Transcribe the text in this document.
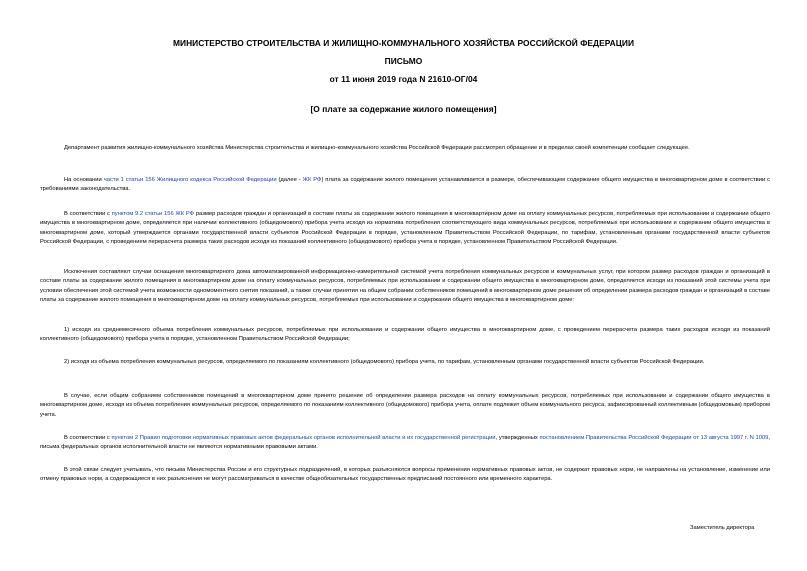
МИНИСТЕРСТВО СТРОИТЕЛЬСТВА И ЖИЛИЩНО-КОММУНАЛЬНОГО ХОЗЯЙСТВА РОССИЙСКОЙ ФЕДЕРАЦИИ
ПИСЬМО
от 11 июня 2019 года N 21610-ОГ/04
[О плате за содержание жилого помещения]

Департамент развития жилищно-коммунального хозяйства Министерства строительства и жилищно-коммунального хозяйства Российской Федерации рассмотрел обращение и в пределах своей компетенции сообщает следующее.

На основании части 1 статьи 156 Жилищного кодекса Российской Федерации (далее - ЖК РФ) плата за содержание жилого помещения устанавливается в размере, обеспечивающем содержание общего имущества в многоквартирном доме в соответствии с требованиями законодательства.

В соответствии с пунктом 9.2 статьи 156 ЖК РФ размер расходов граждан и организаций в составе платы за содержание жилого помещения в многоквартирном доме на оплату коммунальных ресурсов, потребляемых при использовании и содержании общего имущества в многоквартирном доме, определяется при наличии коллективного (общедомового) прибора учета исходя из норматива потребления соответствующего вида коммунальных ресурсов, потребляемых при использовании и содержании общего имущества в многоквартирном доме, который утверждается органами государственной власти субъектов Российской Федерации в порядке, установленном Правительством Российской Федерации, по тарифам, установленным органами государственной власти субъектов Российской Федерации, с проведением перерасчета размера таких расходов исходя из показаний коллективного (общедомового) прибора учета в порядке, установленном Правительством Российской Федерации.

Исключения составляют случаи оснащения многоквартирного дома автоматизированной информационно-измерительной системой учета потребления коммунальных ресурсов и коммунальных услуг, при котором размер расходов граждан и организаций в составе платы за содержание жилого помещения в многоквартирном доме на оплату коммунальных ресурсов, потребляемых при использовании и содержании общего имущества в многоквартирном доме, определяется исходя из показаний этой системы учета при условии обеспечения этой системой учета возможности одномоментного снятия показаний, а также случаи принятия на общем собрании собственников помещений в многоквартирном доме решения об определении размера расходов граждан и организаций в составе платы за содержание жилого помещения в многоквартирном доме на оплату коммунальных ресурсов, потребляемых при использовании и содержании общего имущества в многоквартирном доме:

1) исходя из среднемесячного объема потребления коммунальных ресурсов, потребляемых при использовании и содержании общего имущества в многоквартирном доме, с проведением перерасчета размера таких расходов исходя из показаний коллективного (общедомового) прибора учета в порядке, установленном Правительством Российской Федерации;

2) исходя из объема потребления коммунальных ресурсов, определяемого по показаниям коллективного (общедомового) прибора учета, по тарифам, установленным органами государственной власти субъектов Российской Федерации.

В случае, если общим собранием собственников помещений в многоквартирном доме принято решение об определении размера расходов на оплату коммунальных ресурсов, потребляемых при использовании и содержании общего имущества в многоквартирном доме, исходя из объема потребления коммунальных ресурсов, определяемого по показаниям коллективного (общедомового) прибора учета, оплате подлежит объем коммунального ресурса, зафиксированный коллективным (общедомовым) прибором учета.

В соответствии с пунктом 2 Правил подготовки нормативных правовых актов федеральных органов исполнительной власти и их государственной регистрации, утвержденных постановлением Правительства Российской Федерации от 13 августа 1997 г. N 1009, письма федеральных органов исполнительной власти не являются нормативными правовыми актами.

В этой связи следует учитывать, что письма Министерства России и его структурных подразделений, в которых разъясняются вопросы применения нормативных правовых актов, не содержат правовых норм, не направлены на установление, изменение или отмену правовых норм, а содержащиеся в них разъяснения не могут рассматриваться в качестве общеобязательных государственных предписаний постоянного или временного характера.

Заместитель директора
